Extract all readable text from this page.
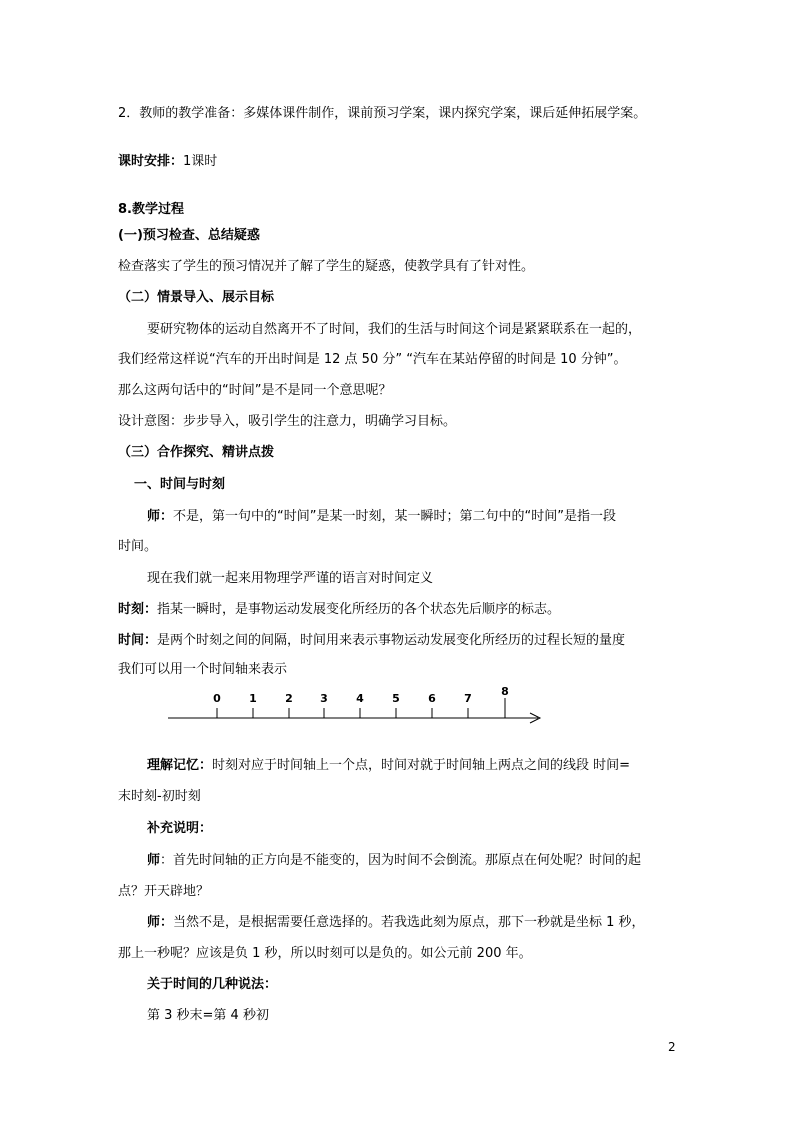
2．教师的教学准备：多媒体课件制作，课前预习学案，课内探究学案，课后延伸拓展学案。
课时安排：1课时
8.教学过程
(一)预习检查、总结疑惑
检查落实了学生的预习情况并了解了学生的疑惑，使教学具有了针对性。
（二）情景导入、展示目标
要研究物体的运动自然离开不了时间，我们的生活与时间这个词是紧紧联系在一起的，
我们经常这样说“汽车的开出时间是 12 点 50 分” “汽车在某站停留的时间是 10 分钟”。
那么这两句话中的“时间”是不是同一个意思呢？
设计意图：步步导入，吸引学生的注意力，明确学习目标。
（三）合作探究、精讲点拨
一、时间与时刻
师：不是，第一句中的“时间”是某一时刻，某一瞬时；第二句中的“时间”是指一段
时间。
现在我们就一起来用物理学严谨的语言对时间定义
时刻：指某一瞬时，是事物运动发展变化所经历的各个状态先后顺序的标志。
时间：是两个时刻之间的间隔，时间用来表示事物运动发展变化所经历的过程长短的量度
我们可以用一个时间轴来表示
0	1	2 3	4	5	6	7
8
理解记忆：时刻对应于时间轴上一个点，时间对就于时间轴上两点之间的线段 时间=
末时刻-初时刻
补充说明：
师：首先时间轴的正方向是不能变的，因为时间不会倒流。那原点在何处呢？时间的起
点？开天辟地？
师：当然不是，是根据需要任意选择的。若我选此刻为原点，那下一秒就是坐标 1 秒，
那上一秒呢？应该是负 1 秒，所以时刻可以是负的。如公元前 200 年。
关于时间的几种说法：
第 3 秒末=第 4 秒初
2
